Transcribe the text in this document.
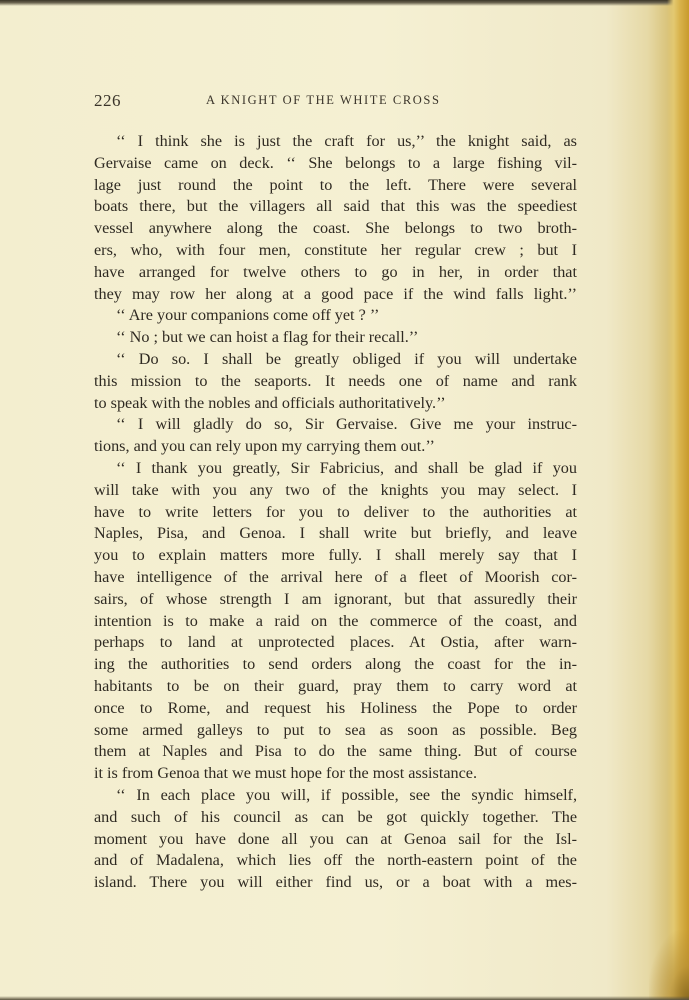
226	A KNIGHT OF THE WHITE CROSS
‘‘ I think she is just the craft for us,’’ the knight said, as
Gervaise came on deck. ‘‘ She belongs to a large fishing vil-
lage just round the point to the left. There were several
boats there, but the villagers all said that this was the speediest
vessel anywhere along the coast. She belongs to two broth-
ers, who, with four men, constitute her regular crew ; but I
have arranged for twelve others to go in her, in order that
they may row her along at a good pace if the wind falls light.’’
‘‘ Are your companions come off yet ? ’’
‘‘ No ; but we can hoist a flag for their recall.’’
‘‘ Do so. I shall be greatly obliged if you will undertake
this mission to the seaports. It needs one of name and rank
to speak with the nobles and officials authoritatively.’’
‘‘ I will gladly do so, Sir Gervaise. Give me your instruc-
tions, and you can rely upon my carrying them out.’’
‘‘ I thank you greatly, Sir Fabricius, and shall be glad if you
will take with you any two of the knights you may select. I
have to write letters for you to deliver to the authorities at
Naples, Pisa, and Genoa. I shall write but briefly, and leave
you to explain matters more fully. I shall merely say that I
have intelligence of the arrival here of a fleet of Moorish cor-
sairs, of whose strength I am ignorant, but that assuredly their
intention is to make a raid on the commerce of the coast, and
perhaps to land at unprotected places. At Ostia, after warn-
ing the authorities to send orders along the coast for the in-
habitants to be on their guard, pray them to carry word at
once to Rome, and request his Holiness the Pope to order
some armed galleys to put to sea as soon as possible. Beg
them at Naples and Pisa to do the same thing. But of course
it is from Genoa that we must hope for the most assistance.
‘‘ In each place you will, if possible, see the syndic himself,
and such of his council as can be got quickly together. The
moment you have done all you can at Genoa sail for the Isl-
and of Madalena, which lies off the north-eastern point of the
island. There you will either find us, or a boat with a mes-
